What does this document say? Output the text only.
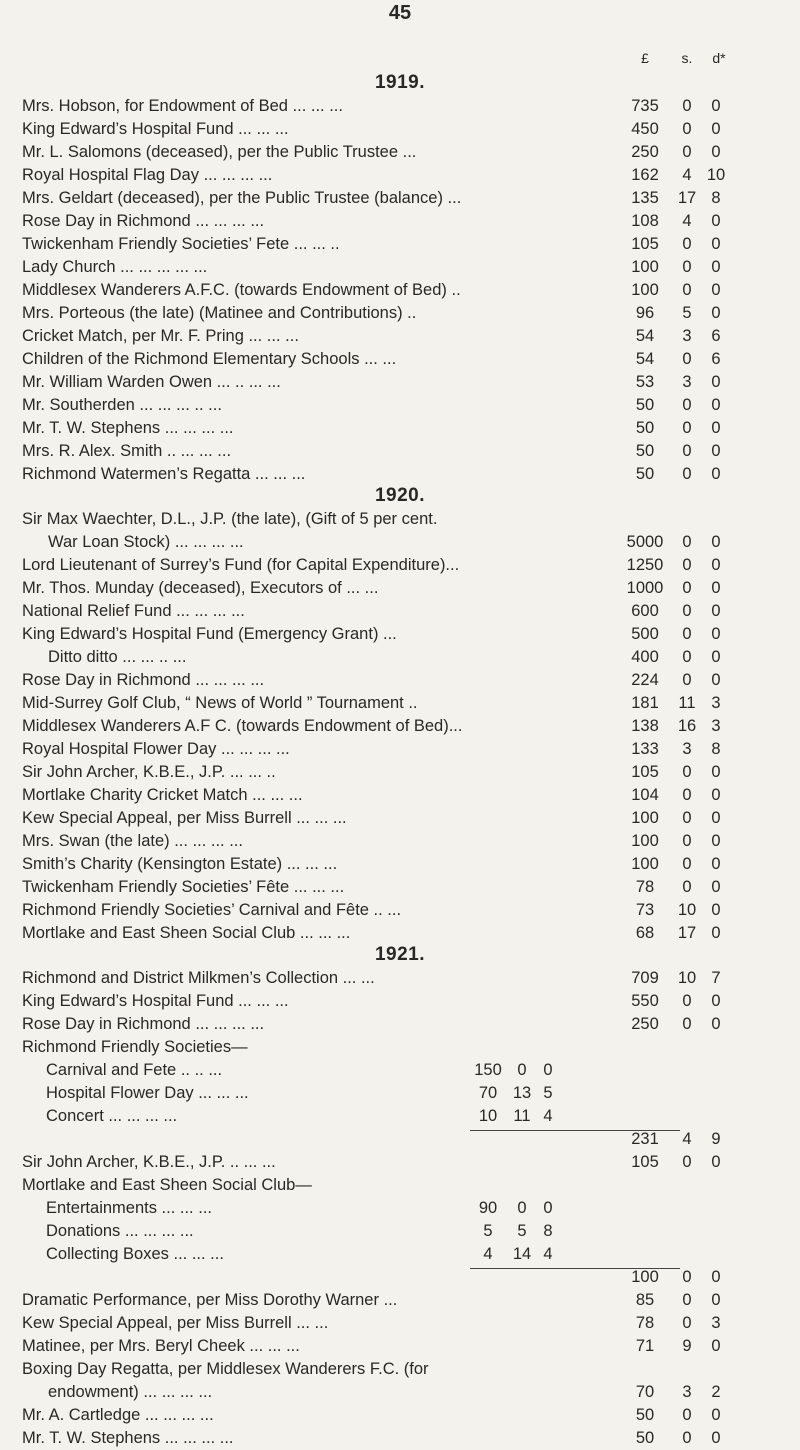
45
£	s.	d*
1919.
Mrs. Hobson, for Endowment of Bed ... ... ...	735	0	0
King Edward’s Hospital Fund ... ... ...	450	0	0
Mr. L. Salomons (deceased), per the Public Trustee ...	250	0	0
Royal Hospital Flag Day ... ... ... ...	162	4 10
Mrs. Geldart (deceased), per the Public Trustee (balance) ...	135	17 8
Rose Day in Richmond ... ... ... ...	108	4	0
Twickenham Friendly Societies’ Fete ... ... ..	105	0	0
Lady Church ... ... ... ... ...	100	0	0
Middlesex Wanderers A.F.C. (towards Endowment of Bed) ..	100	0	0
Mrs. Porteous (the late) (Matinee and Contributions) ..	96	5	0
Cricket Match, per Mr. F. Pring ... ... ...	54	3	6
Children of the Richmond Elementary Schools ... ...	54	0	6
Mr. William Warden Owen ... .. ... ...	53	3	0
Mr. Southerden ... ... ... .. ...	50	0	0
Mr. T. W. Stephens ... ... ... ...	50	0	0
Mrs. R. Alex. Smith .. ... ... ...	50	0	0
Richmond Watermen’s Regatta ... ... ...	50	0	0
1920.
Sir Max Waechter, D.L., J.P. (the late), (Gift of 5 per cent.
War Loan Stock) ... ... ... ...	5000	0	0
Lord Lieutenant of Surrey’s Fund (for Capital Expenditure)...	1250	0	0
Mr. Thos. Munday (deceased), Executors of ... ...	1000	0	0
National Relief Fund ... ... ... ...	600	0	0
King Edward’s Hospital Fund (Emergency Grant) ...	500	0	0
Ditto ditto ... ... .. ...	400	0	0
Rose Day in Richmond ... ... ... ...	224	0	0
Mid-Surrey Golf Club, “ News of World ” Tournament ..	181	11 3
Middlesex Wanderers A.F C. (towards Endowment of Bed)...	138	16 3
Royal Hospital Flower Day ... ... ... ...	133	3	8
Sir John Archer, K.B.E., J.P. ... ... ..	105	0	0
Mortlake Charity Cricket Match ... ... ...	104	0	0
Kew Special Appeal, per Miss Burrell ... ... ...	100	0	0
Mrs. Swan (the late) ... ... ... ...	100	0	0
Smith’s Charity (Kensington Estate) ... ... ...	100	0	0
Twickenham Friendly Societies’ Fête ... ... ...	78	0	0
Richmond Friendly Societies’ Carnival and Fête .. ...	73	10 0
Mortlake and East Sheen Social Club ... ... ...	68	17 0
1921.
Richmond and District Milkmen’s Collection ... ...	709	10 7
King Edward’s Hospital Fund ... ... ...	550	0	0
Rose Day in Richmond ... ... ... ...	250	0	0
Richmond Friendly Societies—
Carnival and Fete .. .. ...	150 0	0
Hospital Flower Day ... ... ...	70 13 5
Concert ... ... ... ...	10 11 4
231	4	9
Sir John Archer, K.B.E., J.P. .. ... ...	105	0	0
Mortlake and East Sheen Social Club—
Entertainments ... ... ...	90	0	0
Donations ... ... ... ...	5	5	8
Collecting Boxes ... ... ...	4	14 4
100	0	0
Dramatic Performance, per Miss Dorothy Warner ...	85	0	0
Kew Special Appeal, per Miss Burrell ... ...	78	0	3
Matinee, per Mrs. Beryl Cheek ... ... ...	71	9	0
Boxing Day Regatta, per Middlesex Wanderers F.C. (for
endowment) ... ... ... ...	70	3	2
Mr. A. Cartledge ... ... ... ...	50	0	0
Mr. T. W. Stephens ... ... ... ...	50	0	0
